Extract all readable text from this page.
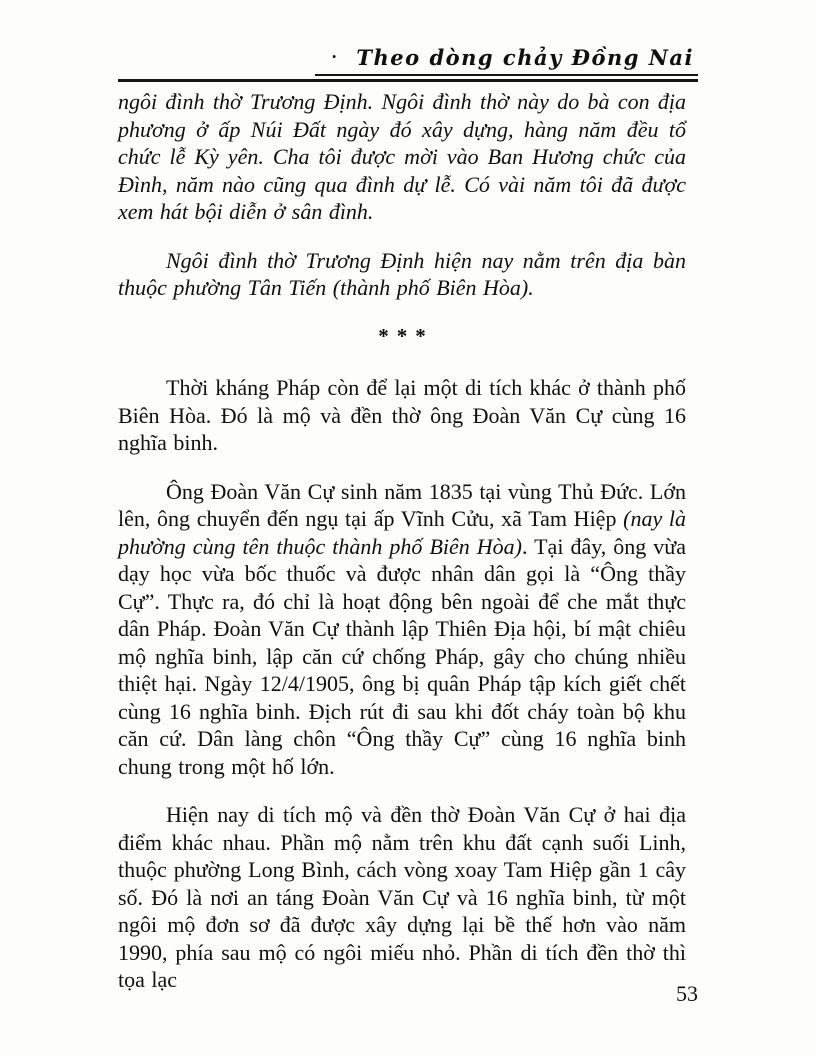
· Theo dòng chảy Đồng Nai

ngôi đình thờ Trương Định. Ngôi đình thờ này do bà con địa phương ở ấp Núi Đất ngày đó xây dựng, hàng năm đều tổ chức lễ Kỳ yên. Cha tôi được mời vào Ban Hương chức của Đình, năm nào cũng qua đình dự lễ. Có vài năm tôi đã được xem hát bội diễn ở sân đình.

Ngôi đình thờ Trương Định hiện nay nằm trên địa bàn thuộc phường Tân Tiến (thành phố Biên Hòa).

***

Thời kháng Pháp còn để lại một di tích khác ở thành phố Biên Hòa. Đó là mộ và đền thờ ông Đoàn Văn Cự cùng 16 nghĩa binh.

Ông Đoàn Văn Cự sinh năm 1835 tại vùng Thủ Đức. Lớn lên, ông chuyển đến ngụ tại ấp Vĩnh Cửu, xã Tam Hiệp (nay là phường cùng tên thuộc thành phố Biên Hòa). Tại đây, ông vừa dạy học vừa bốc thuốc và được nhân dân gọi là “Ông thầy Cự”. Thực ra, đó chỉ là hoạt động bên ngoài để che mắt thực dân Pháp. Đoàn Văn Cự thành lập Thiên Địa hội, bí mật chiêu mộ nghĩa binh, lập căn cứ chống Pháp, gây cho chúng nhiều thiệt hại. Ngày 12/4/1905, ông bị quân Pháp tập kích giết chết cùng 16 nghĩa binh. Địch rút đi sau khi đốt cháy toàn bộ khu căn cứ. Dân làng chôn “Ông thầy Cự” cùng 16 nghĩa binh chung trong một hố lớn.

Hiện nay di tích mộ và đền thờ Đoàn Văn Cự ở hai địa điểm khác nhau. Phần mộ nằm trên khu đất cạnh suối Linh, thuộc phường Long Bình, cách vòng xoay Tam Hiệp gần 1 cây số. Đó là nơi an táng Đoàn Văn Cự và 16 nghĩa binh, từ một ngôi mộ đơn sơ đã được xây dựng lại bề thế hơn vào năm 1990, phía sau mộ có ngôi miếu nhỏ. Phần di tích đền thờ thì tọa lạc

53
